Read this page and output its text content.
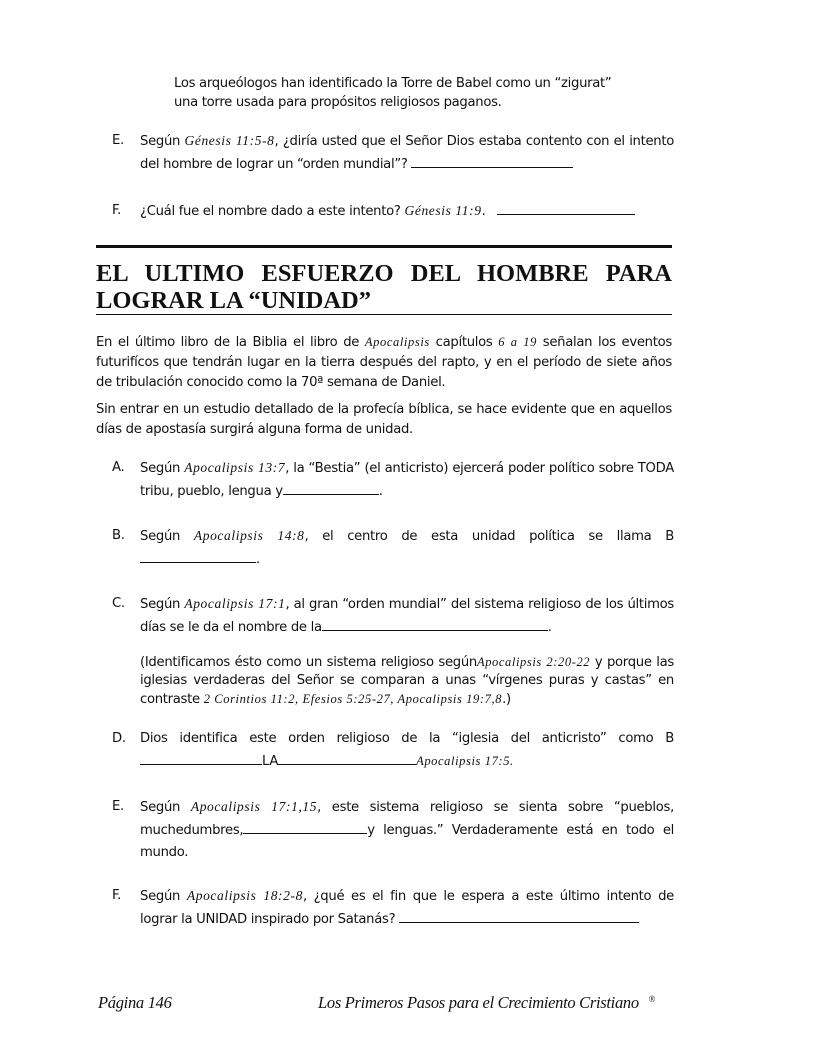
Los arqueólogos han identificado la Torre de Babel como un “zigurat”
una torre usada para propósitos religiosos paganos.
E.	Según Génesis 11:5-8, ¿diría usted que el Señor Dios estaba contento con el intento del hombre de lograr un “orden mundial”?
F.	¿Cuál fue el nombre dado a este intento? Génesis 11:9.
EL ULTIMO ESFUERZO DEL HOMBRE PARA
LOGRAR LA “UNIDAD”
En el último libro de la Biblia el libro de Apocalipsis capítulos 6 a 19 señalan los eventos futurifícos que tendrán lugar en la tierra después del rapto, y en el período de siete años de tribulación conocido como la 70ª semana de Daniel.
Sin entrar en un estudio detallado de la profecía bíblica, se hace evidente que en aquellos días de apostasía surgirá alguna forma de unidad.
A.	Según Apocalipsis 13:7, la “Bestia” (el anticristo) ejercerá poder político sobre TODA tribu, pueblo, lengua y	.
B.	Según Apocalipsis 14:8, el centro de esta unidad política se llama B .
C.	Según Apocalipsis 17:1, al gran “orden mundial” del sistema religioso de los últimos días se le da el nombre de la	.
(Identificamos ésto como un sistema religioso segúnApocalipsis 2:20-22 y porque las iglesias verdaderas del Señor se comparan a unas “vírgenes puras y castas” en contraste 2 Corintios 11:2, Efesios 5:25-27, Apocalipsis 19:7,8.)
D.	Dios identifica este orden religioso de la “iglesia del anticristo” como B LA	Apocalipsis 17:5.
E.	Según Apocalipsis 17:1,15, este sistema religioso se sienta sobre “pueblos, muchedumbres,	y lenguas.” Verdaderamente está en todo el mundo.
F.	Según Apocalipsis 18:2-8, ¿qué es el fin que le espera a este último intento de lograr la UNIDAD inspirado por Satanás?
Página 146	Los Primeros Pasos para el Crecimiento Cristiano ®
